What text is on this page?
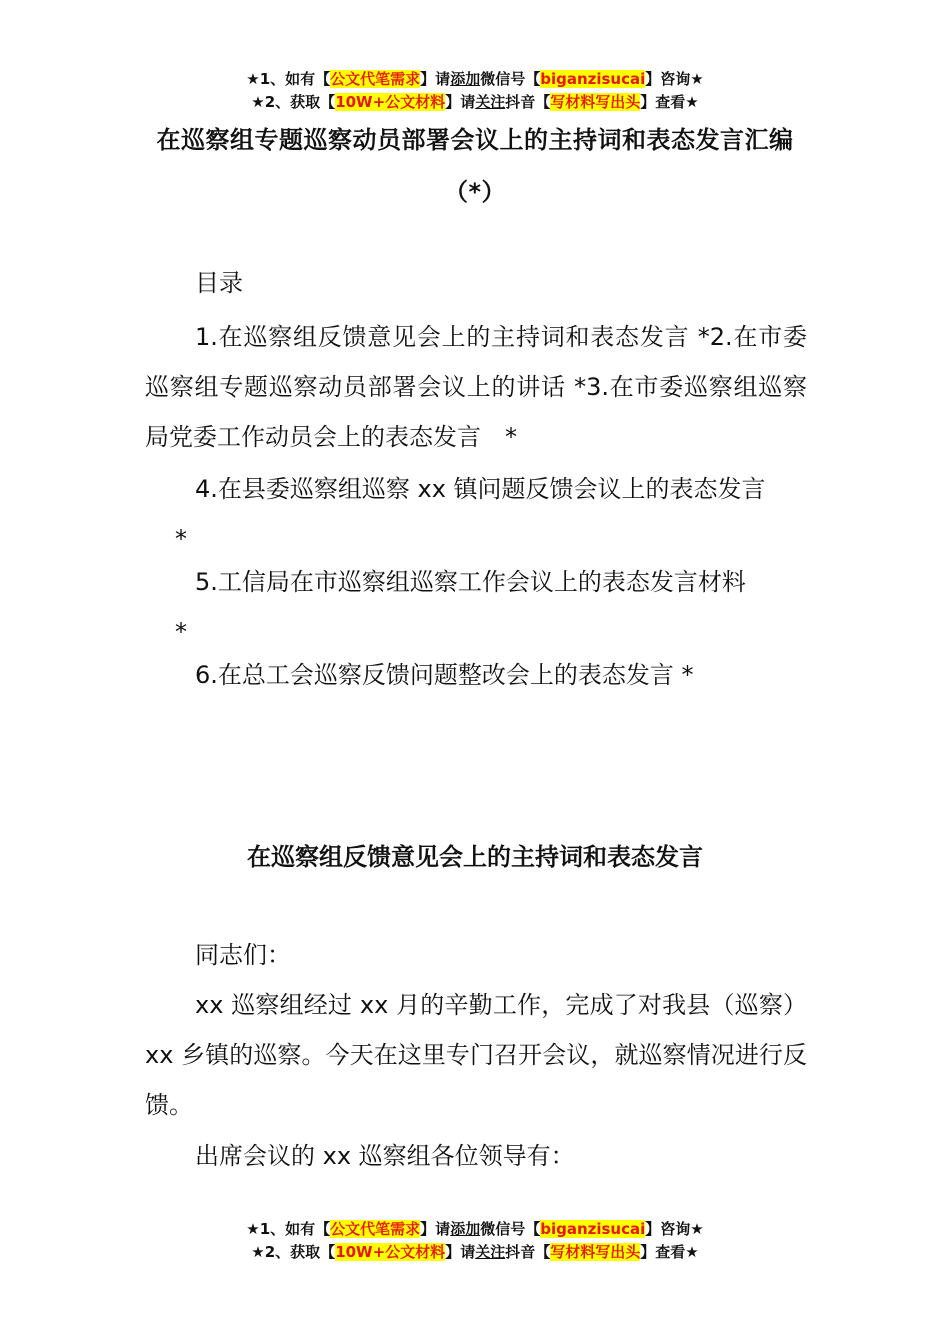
★1、如有【公文代笔需求】请添加微信号【biganzisucai】咨询★
★2、获取【10W+公文材料】请关注抖音【写材料写出头】查看★
在巡察组专题巡察动员部署会议上的主持词和表态发言汇编（*）
目录
1.在巡察组反馈意见会上的主持词和表态发言 *2.在市委巡察组专题巡察动员部署会议上的讲话 *3.在市委巡察组巡察局党委工作动员会上的表态发言　*
4.在县委巡察组巡察 xx 镇问题反馈会议上的表态发言
*
5.工信局在市巡察组巡察工作会议上的表态发言材料
*
6.在总工会巡察反馈问题整改会上的表态发言 *
在巡察组反馈意见会上的主持词和表态发言
同志们：
xx 巡察组经过 xx 月的辛勤工作，完成了对我县（巡察）xx 乡镇的巡察。今天在这里专门召开会议，就巡察情况进行反馈。
出席会议的 xx 巡察组各位领导有：
★1、如有【公文代笔需求】请添加微信号【biganzisucai】咨询★
★2、获取【10W+公文材料】请关注抖音【写材料写出头】查看★
